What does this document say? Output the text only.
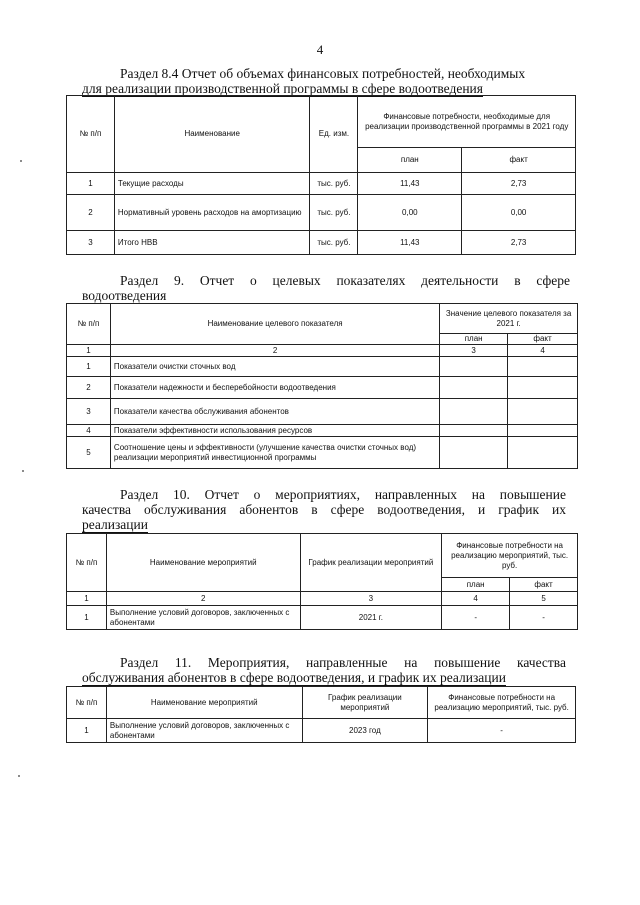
4
Раздел 8.4 Отчет об объемах финансовых потребностей, необходимых
для реализации производственной программы в сфере водоотведения
№ п/п	Наименование	Ед. изм.	Финансовые потребности, необходимые для реализации производственной программы в 2021 году	
			план	факт
1	Текущие расходы	тыс. руб.	11,43	2,73
2	Нормативный уровень расходов на амортизацию	тыс. руб.	0,00	0,00
3	Итого НВВ	тыс. руб.	11,43	2,73
Раздел 9. Отчет о целевых показателях деятельности в сфере
водоотведения
№ п/п	Наименование целевого показателя	Значение целевого показателя за 2021 г.	
		план	факт
1	2	3	4
1	Показатели очистки сточных вод		
2	Показатели надежности и бесперебойности водоотведения		
3	Показатели качества обслуживания абонентов		
4	Показатели эффективности использования ресурсов		
5	Соотношение цены и эффективности (улучшение качества очистки сточных вод) реализации мероприятий инвестиционной программы		
Раздел 10. Отчет о мероприятиях, направленных на повышение
качества обслуживания абонентов в сфере водоотведения, и график их
реализации
№ п/п	Наименование мероприятий	График реализации мероприятий	Финансовые потребности на реализацию мероприятий, тыс. руб.	
			план	факт
1	2	3	4	5
1	Выполнение условий договоров, заключенных с абонентами	2021 г.	-	-
Раздел 11. Мероприятия, направленные на повышение качества
обслуживания абонентов в сфере водоотведения, и график их реализации
№ п/п	Наименование мероприятий	График реализации мероприятий	Финансовые потребности на реализацию мероприятий, тыс. руб.
1	Выполнение условий договоров, заключенных с абонентами	2023 год	-
